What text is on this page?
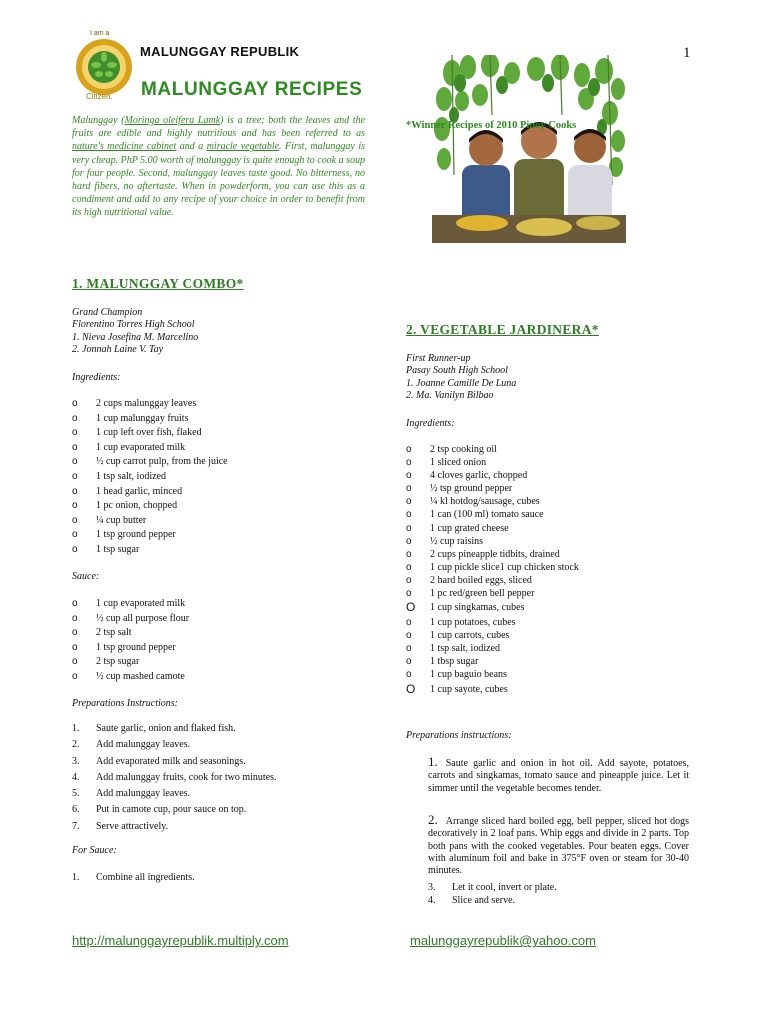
I am a
Citizen.
MALUNGGAY REPUBLIK	1
MALUNGGAY RECIPES
Malunggay (Moringa oleifera Lamk) is a tree; both the leaves and the fruits are edible and highly nutritious and has been referred to as nature's medicine cabinet and a miracle vegetable. First, malunggay is very cheap. PhP 5.00 worth of malunggay is quite enough to cook a soup for four people. Second, malunggay leaves taste good. No bitterness, no hard fibers, no aftertaste. When in powderform, you can use this as a condiment and add to any recipe of your choice in order to benefit from its high nutritional value.
*Winner Recipes of 2010 Pinoy Cooks
1. MALUNGGAY COMBO*
Grand Champion
Florentino Torres High School
1. Nieva Josefina M. Marcelino
2. Jonnah Laine V. Tay
Ingredients:
o 2 cups malunggay leaves
o 1 cup malunggay fruits
o 1 cup left over fish, flaked
o 1 cup evaporated milk
o ½ cup carrot pulp, from the juice
o 1 tsp salt, iodized
o 1 head garlic, minced
o 1 pc onion, chopped
o ¼ cup butter
o 1 tsp ground pepper
o 1 tsp sugar
Sauce:
o 1 cup evaporated milk
o ½ cup all purpose flour
o 2 tsp salt
o 1 tsp ground pepper
o 2 tsp sugar
o ½ cup mashed camote
Preparations Instructions:
1. Saute garlic, onion and flaked fish.
2. Add malunggay leaves.
3. Add evaporated milk and seasonings.
4. Add malunggay fruits, cook for two minutes.
5. Add malunggay leaves.
6. Put in camote cup, pour sauce on top.
7. Serve attractively.
For Sauce:
1. Combine all ingredients.
2. VEGETABLE JARDINERA*
First Runner-up
Pasay South High School
1. Joanne Camille De Luna
2. Ma. Vanilyn Bilbao
Ingredients:
o 2 tsp cooking oil
o 1 sliced onion
o 4 cloves garlic, chopped
o ½ tsp ground pepper
o ¼ kl hotdog/sausage, cubes
o 1 can (100 ml) tomato sauce
o 1 cup grated cheese
o ½ cup raisins
o 2 cups pineapple tidbits, drained
o 1 cup pickle slice1 cup chicken stock
o 2 hard boiled eggs, sliced
o 1 pc red/green bell pepper
O 1 cup singkamas, cubes
o 1 cup potatoes, cubes
o 1 cup carrots, cubes
o 1 tsp salt, iodized
o 1 tbsp sugar
o 1 cup baguio beans
O 1 cup sayote, cubes
Preparations instructions:

1. Saute garlic and onion in hot oil. Add sayote, potatoes, carrots and singkamas, tomato sauce and pineapple juice. Let it simmer until the vegetable becomes tender.

2. Arrange sliced hard boiled egg, bell pepper, sliced hot dogs decoratively in 2 loaf pans. Whip eggs and divide in 2 parts. Top both pans with the cooked vegetables. Pour beaten eggs. Cover with aluminum foil and bake in 375°F oven or steam for 30-40 minutes.

3. Let it cool, invert or plate.
4. Slice and serve.
http://malunggayrepublik.multiply.com	malunggayrepublik@yahoo.com
